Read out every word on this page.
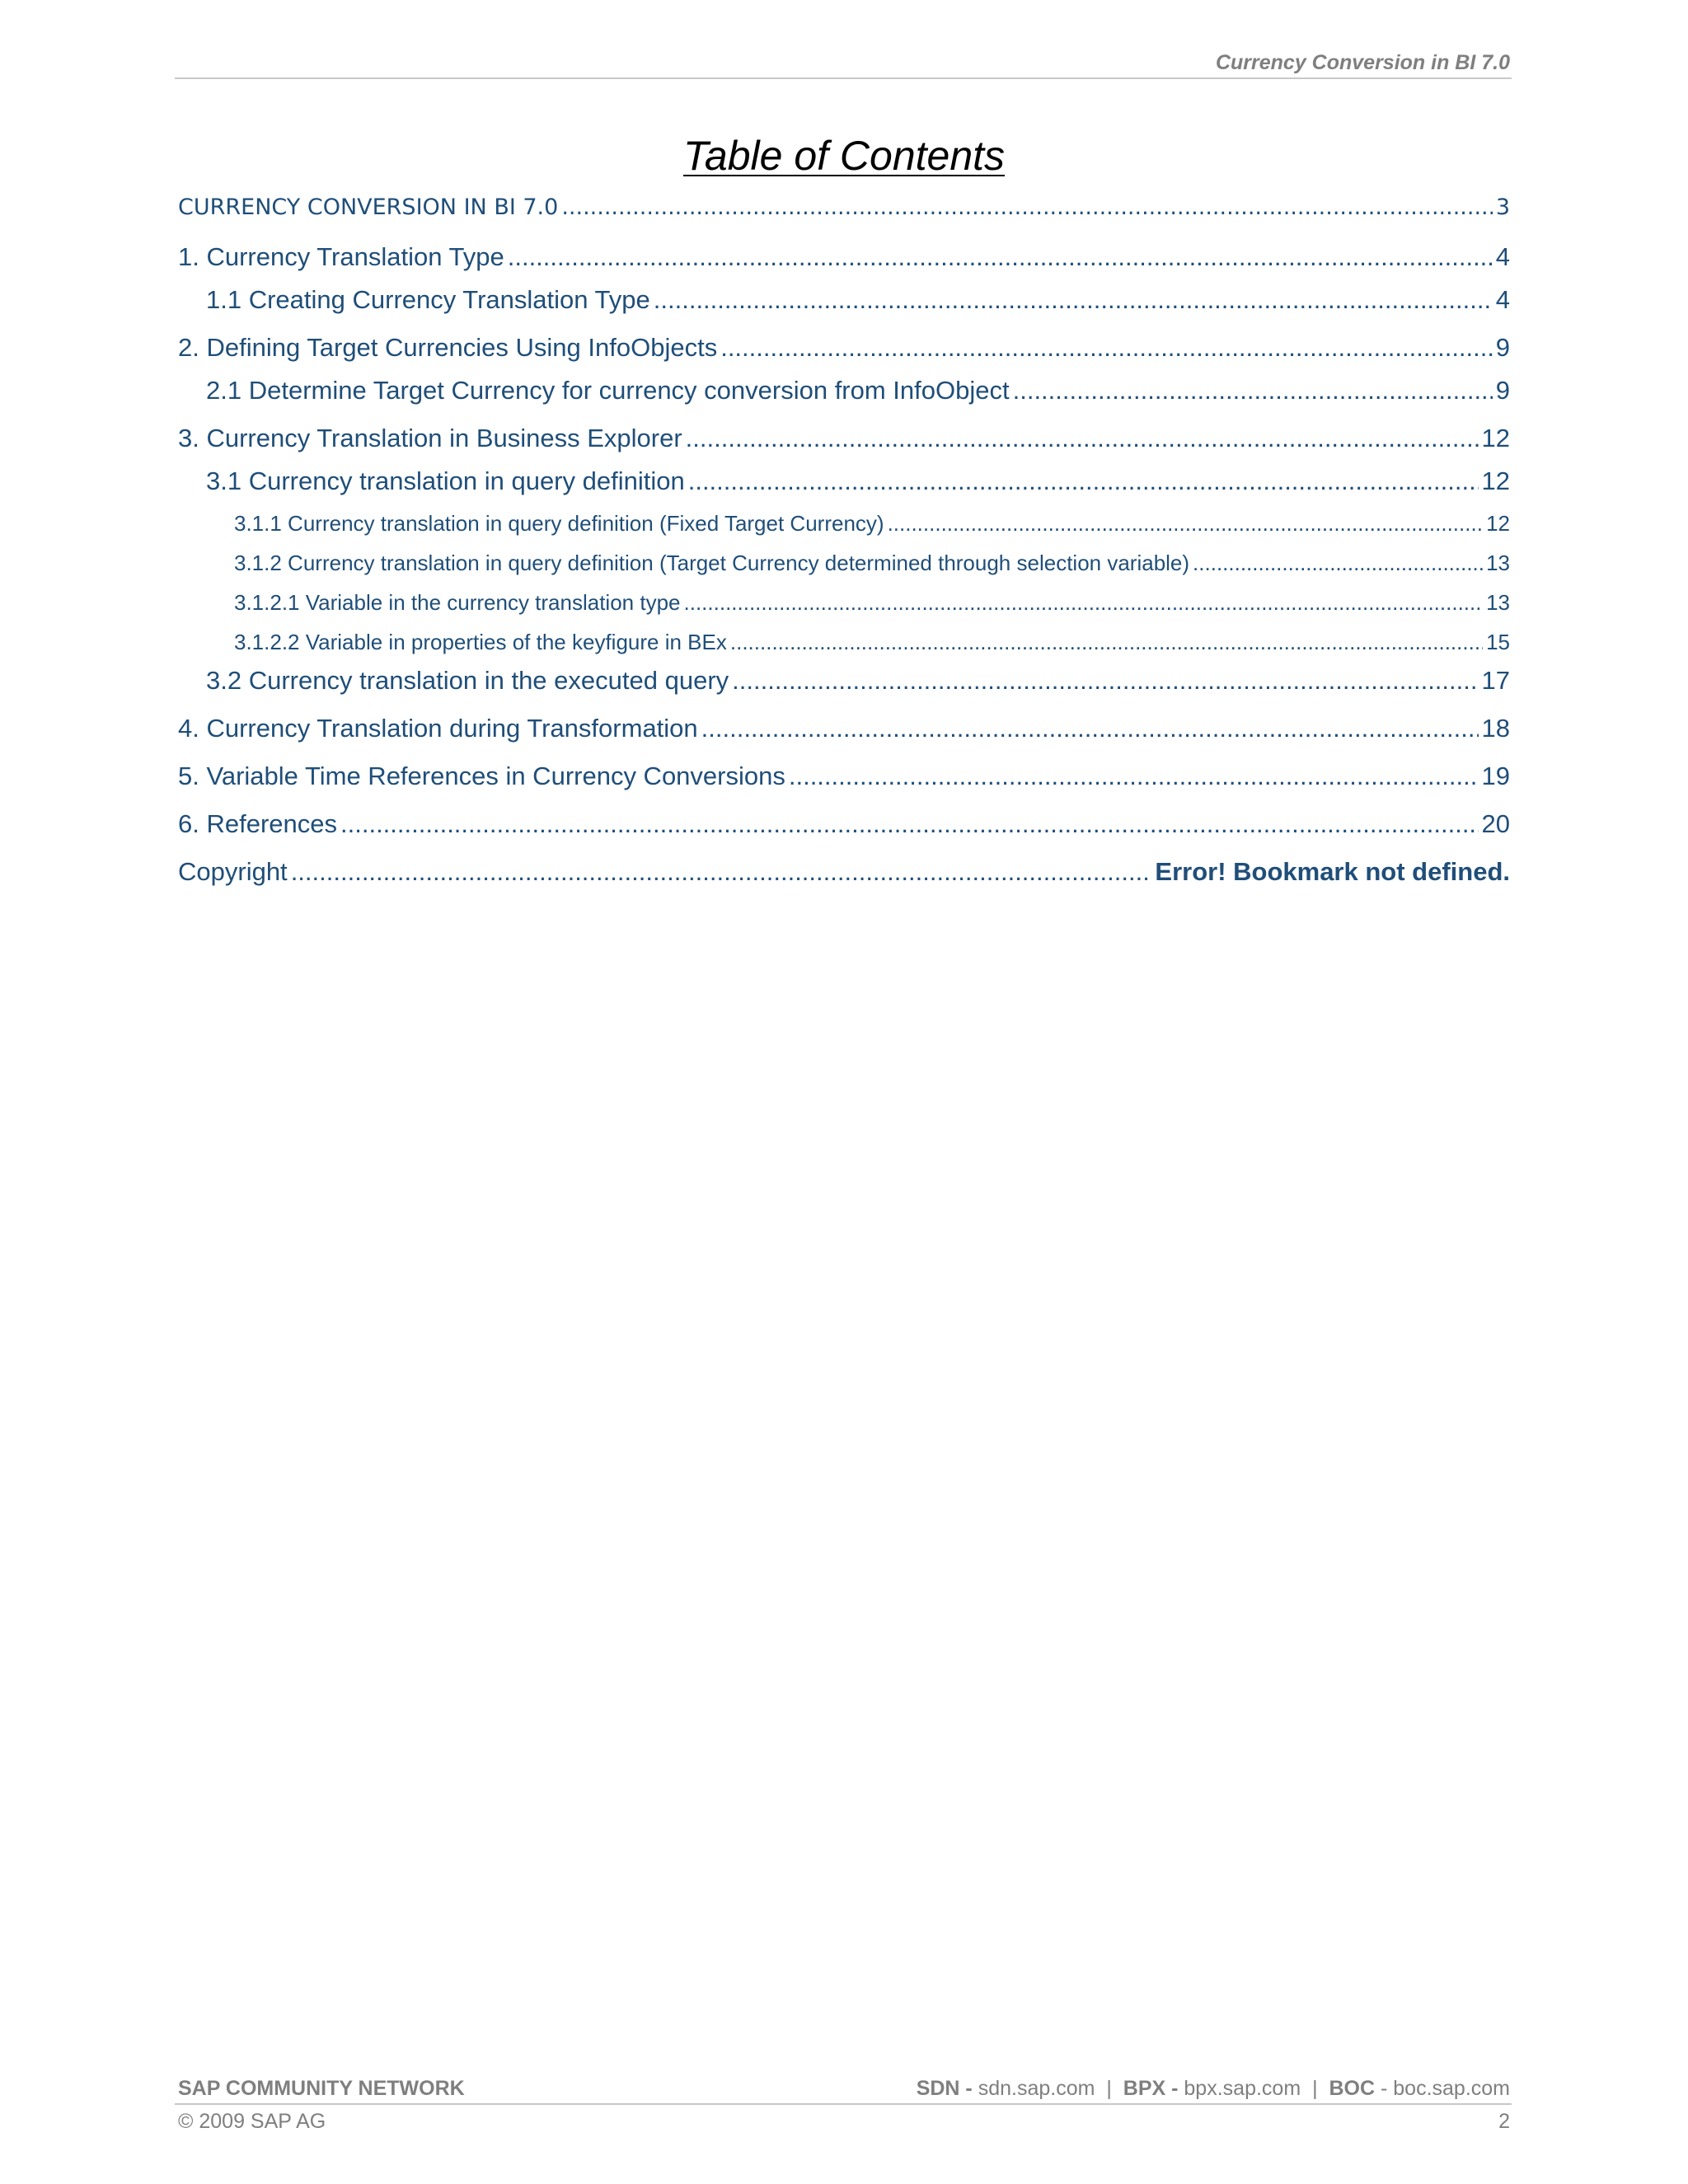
Currency Conversion in BI 7.0
Table of Contents
CURRENCY CONVERSION IN BI 7.0 .....	3
1. Currency Translation Type .....	4
1.1 Creating Currency Translation Type .....	4
2. Defining Target Currencies Using InfoObjects .....	9
2.1 Determine Target Currency for currency conversion from InfoObject .....	9
3. Currency Translation in Business Explorer .....	12
3.1 Currency translation in query definition .....	12
3.1.1 Currency translation in query definition (Fixed Target Currency) .....	12
3.1.2 Currency translation in query definition (Target Currency determined through selection variable) .....	13
3.1.2.1 Variable in the currency translation type .....	13
3.1.2.2 Variable in properties of the keyfigure in BEx .....	15
3.2 Currency translation in the executed query .....	17
4. Currency Translation during Transformation .....	18
5. Variable Time References in Currency Conversions .....	19
6. References .....	20
Copyright .....	Error! Bookmark not defined.
SAP COMMUNITY NETWORK	SDN - sdn.sap.com | BPX - bpx.sap.com | BOC - boc.sap.com
© 2009 SAP AG	2
